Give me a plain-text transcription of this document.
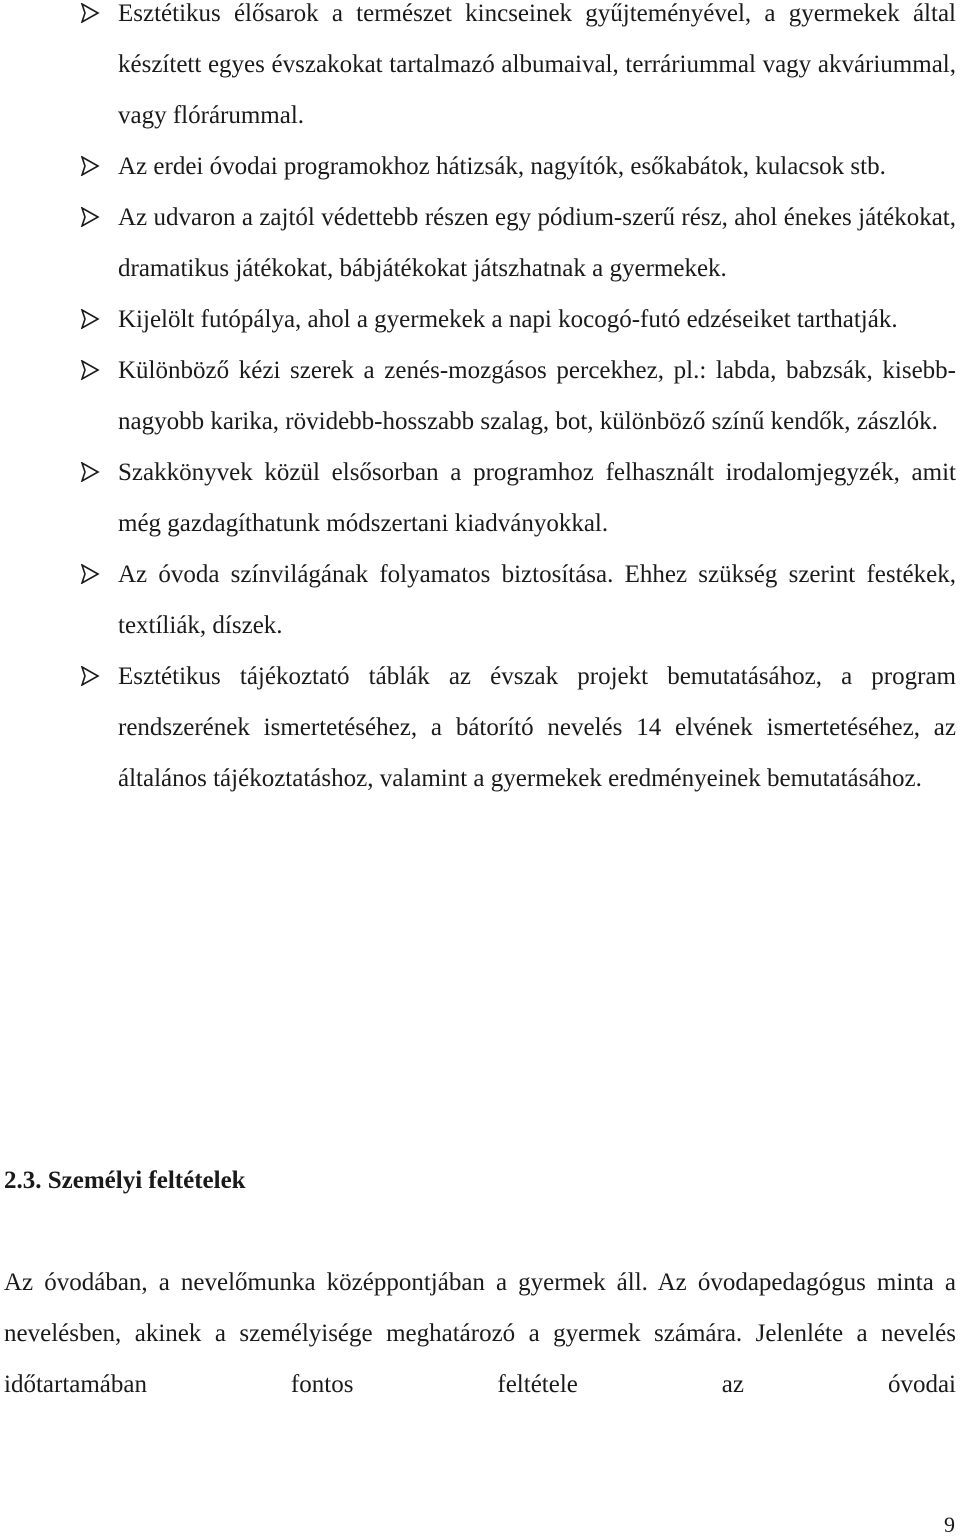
Esztétikus élősarok a természet kincseinek gyűjteményével, a gyermekek által készített egyes évszakokat tartalmazó albumaival, terráriummal vagy akváriummal, vagy flórárummal.
Az erdei óvodai programokhoz hátizsák, nagyítók, esőkabátok, kulacsok stb.
Az udvaron a zajtól védettebb részen egy pódium-szerű rész, ahol énekes játékokat, dramatikus játékokat, bábjátékokat játszhatnak a gyermekek.
Kijelölt futópálya, ahol a gyermekek a napi kocogó-futó edzéseiket tarthatják.
Különböző kézi szerek a zenés-mozgásos percekhez, pl.: labda, babzsák, kisebb-nagyobb karika, rövidebb-hosszabb szalag, bot, különböző színű kendők, zászlók.
Szakkönyvek közül elsősorban a programhoz felhasznált irodalomjegyzék, amit még gazdagíthatunk módszertani kiadványokkal.
Az óvoda színvilágának folyamatos biztosítása. Ehhez szükség szerint festékek, textíliák, díszek.
Esztétikus tájékoztató táblák az évszak projekt bemutatásához, a program rendszerének ismertetéséhez, a bátorító nevelés 14 elvének ismertetéséhez, az általános tájékoztatáshoz, valamint a gyermekek eredményeinek bemutatásához.
2.3. Személyi feltételek

Az óvodában, a nevelőmunka középpontjában a gyermek áll. Az óvodapedagógus minta a nevelésben, akinek a személyisége meghatározó a gyermek számára. Jelenléte a nevelés időtartamában fontos feltétele az óvodai

9
